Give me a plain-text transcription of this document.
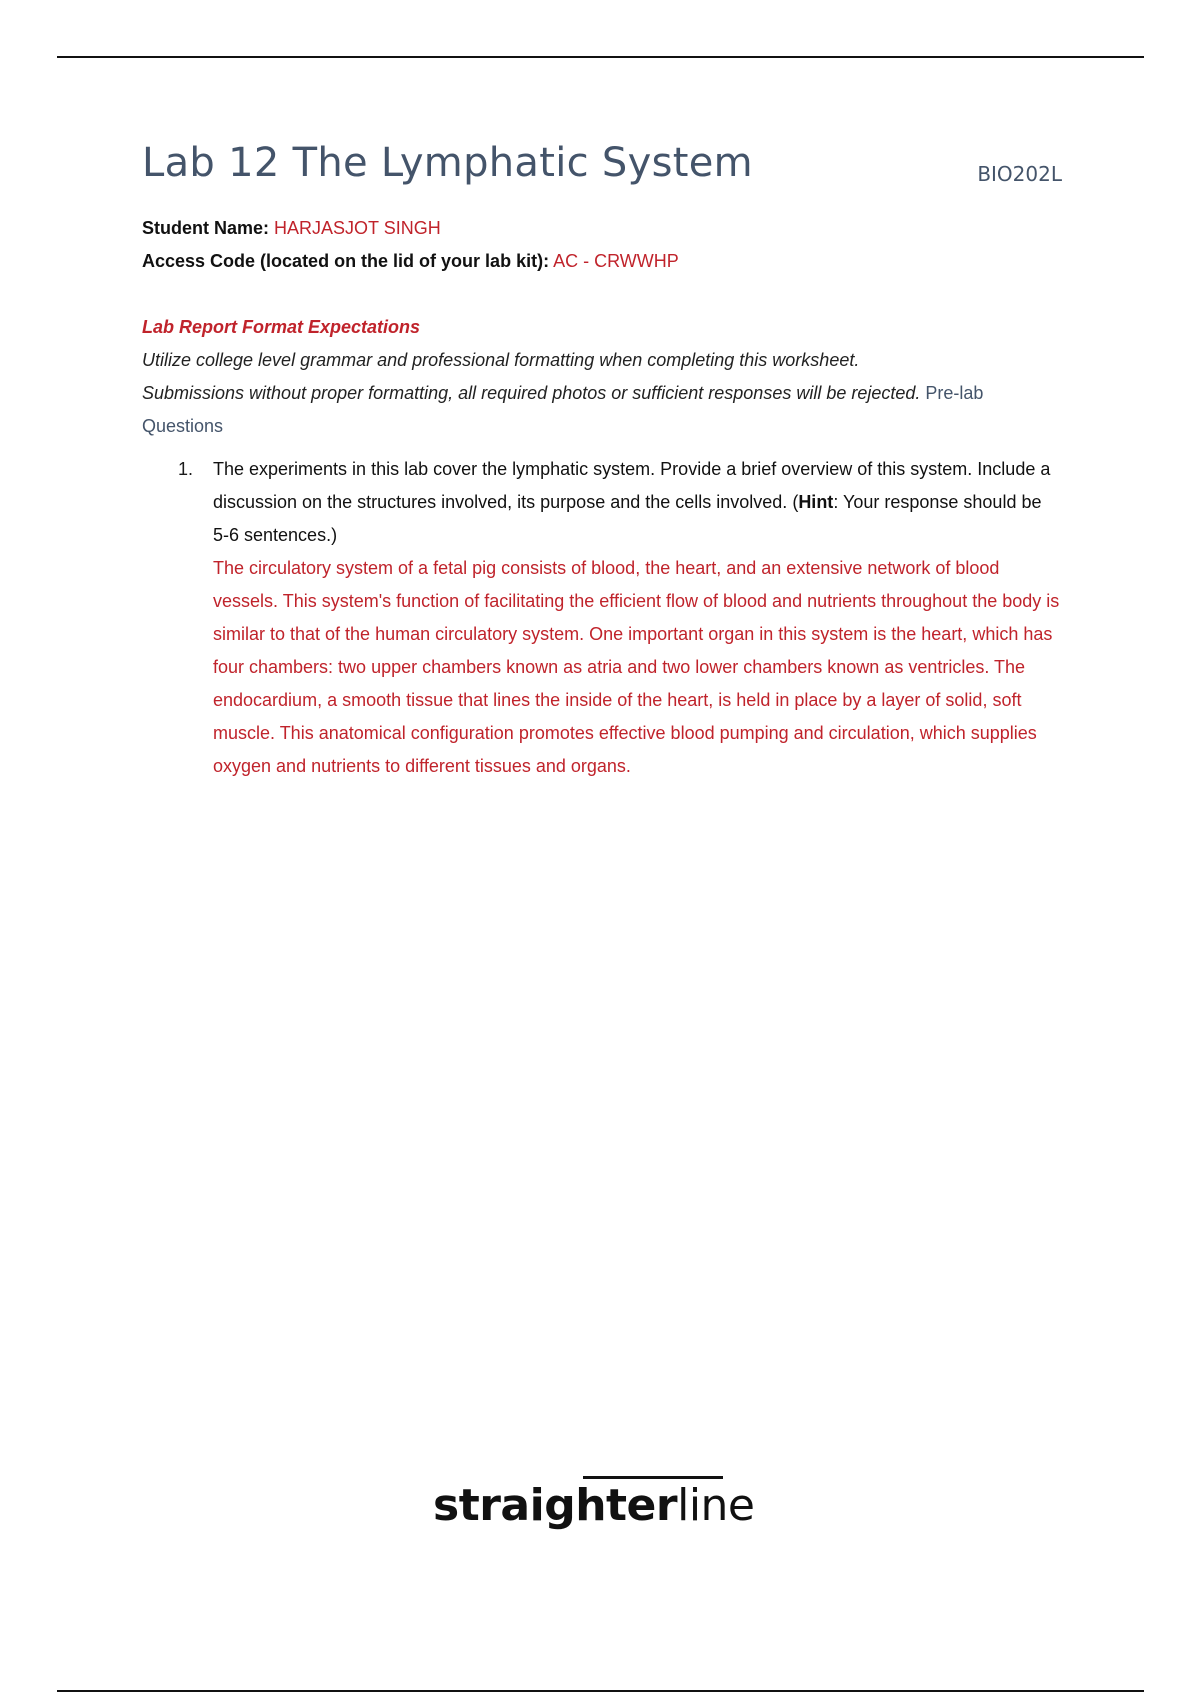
Lab 12 The Lymphatic System	BIO202L

Student Name: HARJASJOT SINGH

Access Code (located on the lid of your lab kit): AC - CRWWHP

Lab Report Format Expectations

Utilize college level grammar and professional formatting when completing this worksheet.

Submissions without proper formatting, all required photos or sufficient responses will be rejected. Pre-lab Questions

1. The experiments in this lab cover the lymphatic system. Provide a brief overview of this system. Include a discussion on the structures involved, its purpose and the cells involved. (Hint: Your response should be 5-6 sentences.)
The circulatory system of a fetal pig consists of blood, the heart, and an extensive network of blood vessels. This system's function of facilitating the efficient flow of blood and nutrients throughout the body is similar to that of the human circulatory system. One important organ in this system is the heart, which has four chambers: two upper chambers known as atria and two lower chambers known as ventricles. The endocardium, a smooth tissue that lines the inside of the heart, is held in place by a layer of solid, soft muscle. This anatomical configuration promotes effective blood pumping and circulation, which supplies oxygen and nutrients to different tissues and organs.
straighterline
